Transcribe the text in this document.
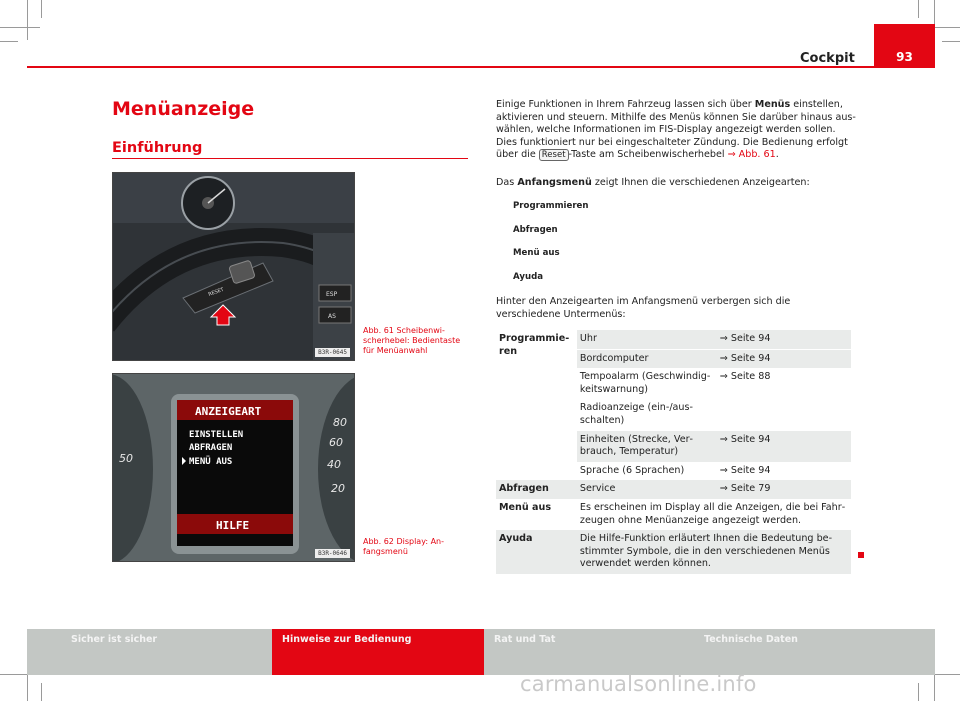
Cockpit	93
Menüanzeige
Einführung
ESP
AS
RESET
B3R-0645
Abb. 61 Scheibenwischerhebel: Bedientaste für Menüanwahl
50
80
60
40
20
ANZEIGEART
EINSTELLEN
ABFRAGEN
MENÜ AUS
HILFE
B3R-0646
Abb. 62 Display: Anfangsmenü
Einige Funktionen in Ihrem Fahrzeug lassen sich über Menüs einstellen, aktivieren und steuern. Mithilfe des Menüs können Sie darüber hinaus auswählen, welche Informationen im FIS-Display angezeigt werden sollen. Dies funktioniert nur bei eingeschalteter Zündung. Die Bedienung erfolgt über die Reset -Taste am Scheibenwischerhebel ⇒ Abb. 61.
Das Anfangsmenü zeigt Ihnen die verschiedenen Anzeigearten:
Programmieren
Abfragen
Menü aus
Ayuda
Hinter den Anzeigearten im Anfangsmenü verbergen sich die verschiedene Untermenüs:
Programmieren	Uhr	⇒ Seite 94
	Bordcomputer	⇒ Seite 94
	Tempoalarm (Geschwindigkeitswarnung)	⇒ Seite 88
	Radioanzeige (ein-/ausschalten)	
	Einheiten (Strecke, Verbrauch, Temperatur)	⇒ Seite 94
	Sprache (6 Sprachen)	⇒ Seite 94
Abfragen	Service	⇒ Seite 79
Menü aus	Es erscheinen im Display all die Anzeigen, die bei Fahrzeugen ohne Menüanzeige angezeigt werden.	
Ayuda	Die Hilfe-Funktion erläutert Ihnen die Bedeutung bestimmter Symbole, die in den verschiedenen Menüs verwendet werden können.	
Sicher ist sicher	Hinweise zur Bedienung	Rat und Tat	Technische Daten
carmanualsonline.info
